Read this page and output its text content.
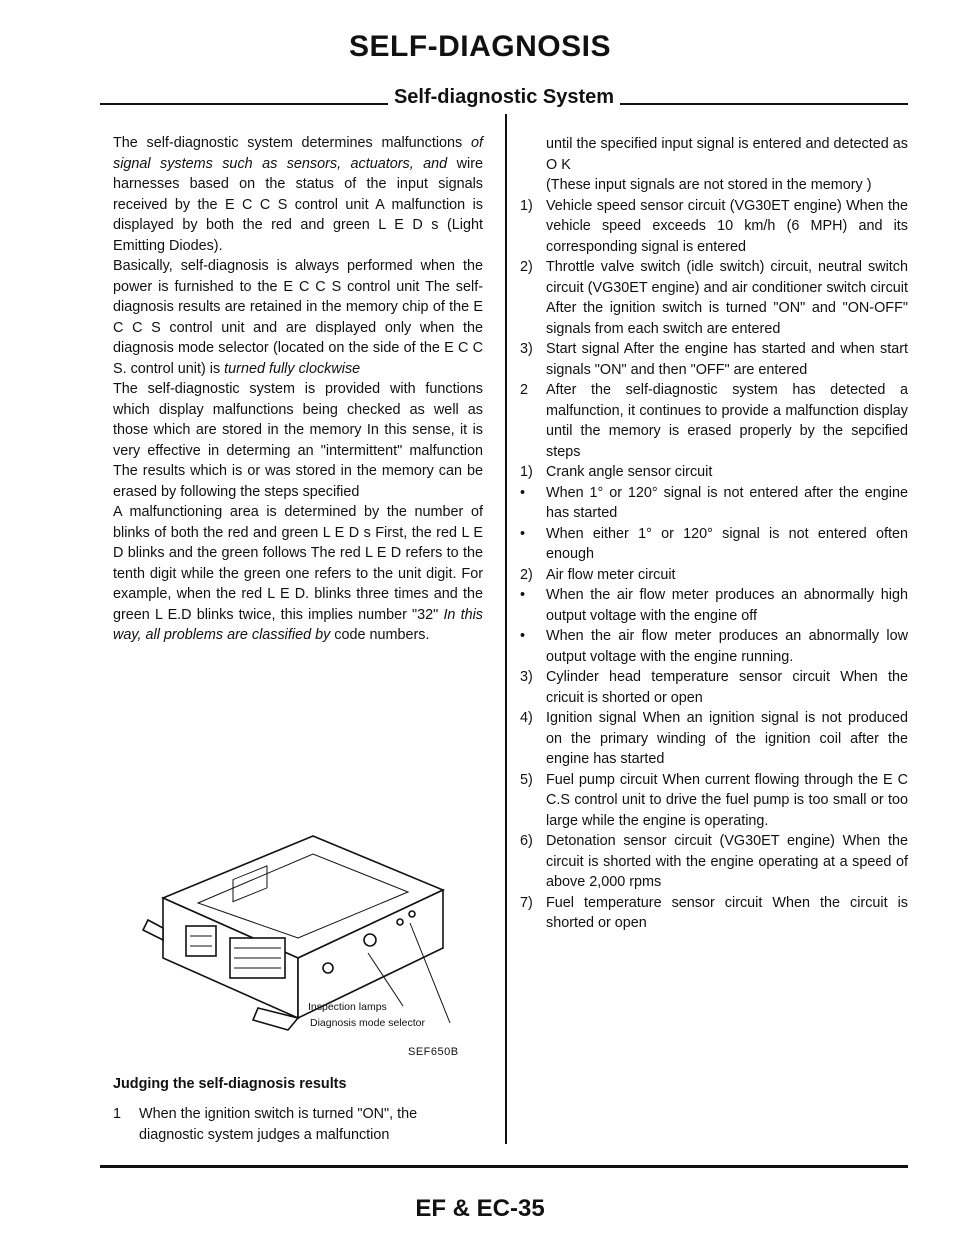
SELF-DIAGNOSIS
Self-diagnostic System

The self-diagnostic system determines malfunctions of signal systems such as sensors, actuators, and wire harnesses based on the status of the input signals received by the E C C S control unit A malfunction is displayed by both the red and green L E D s (Light Emitting Diodes).

Basically, self-diagnosis is always performed when the power is furnished to the E C C S control unit The self-diagnosis results are retained in the memory chip of the E C C S control unit and are displayed only when the diagnosis mode selector (located on the side of the E C C S. control unit) is turned fully clockwise

The self-diagnostic system is provided with functions which display malfunctions being checked as well as those which are stored in the memory In this sense, it is very effective in determing an "intermittent" malfunction The results which is or was stored in the memory can be erased by following the steps specified

A malfunctioning area is determined by the number of blinks of both the red and green L E D s First, the red L E D blinks and the green follows The red L E D refers to the tenth digit while the green one refers to the unit digit. For example, when the red L E D. blinks three times and the green L E.D blinks twice, this implies number "32" In this way, all problems are classified by code numbers.

Inspection lamps
Diagnosis mode selector
SEF650B
Judging the self-diagnosis results
1 When the ignition switch is turned "ON", the diagnostic system judges a malfunction

until the specified input signal is entered and detected as O K

(These input signals are not stored in the memory )

1) Vehicle speed sensor circuit (VG30ET engine) When the vehicle speed exceeds 10 km/h (6 MPH) and its corresponding signal is entered
2) Throttle valve switch (idle switch) circuit, neutral switch circuit (VG30ET engine) and air conditioner switch circuit After the ignition switch is turned "ON" and "ON-OFF" signals from each switch are entered
3) Start signal After the engine has started and when start signals "ON" and then "OFF" are entered
2 After the self-diagnostic system has detected a malfunction, it continues to provide a malfunction display until the memory is erased properly by the sepcified steps
1) Crank angle sensor circuit
• When 1° or 120° signal is not entered after the engine has started
• When either 1° or 120° signal is not entered often enough
2) Air flow meter circuit
• When the air flow meter produces an abnormally high output voltage with the engine off
• When the air flow meter produces an abnormally low output voltage with the engine running.
3) Cylinder head temperature sensor circuit When the cricuit is shorted or open
4) Ignition signal When an ignition signal is not produced on the primary winding of the ignition coil after the engine has started
5) Fuel pump circuit When current flowing through the E C C.S control unit to drive the fuel pump is too small or too large while the engine is operating.
6) Detonation sensor circuit (VG30ET engine) When the circuit is shorted with the engine operating at a speed of above 2,000 rpms
7) Fuel temperature sensor circuit When the circuit is shorted or open
EF & EC-35
